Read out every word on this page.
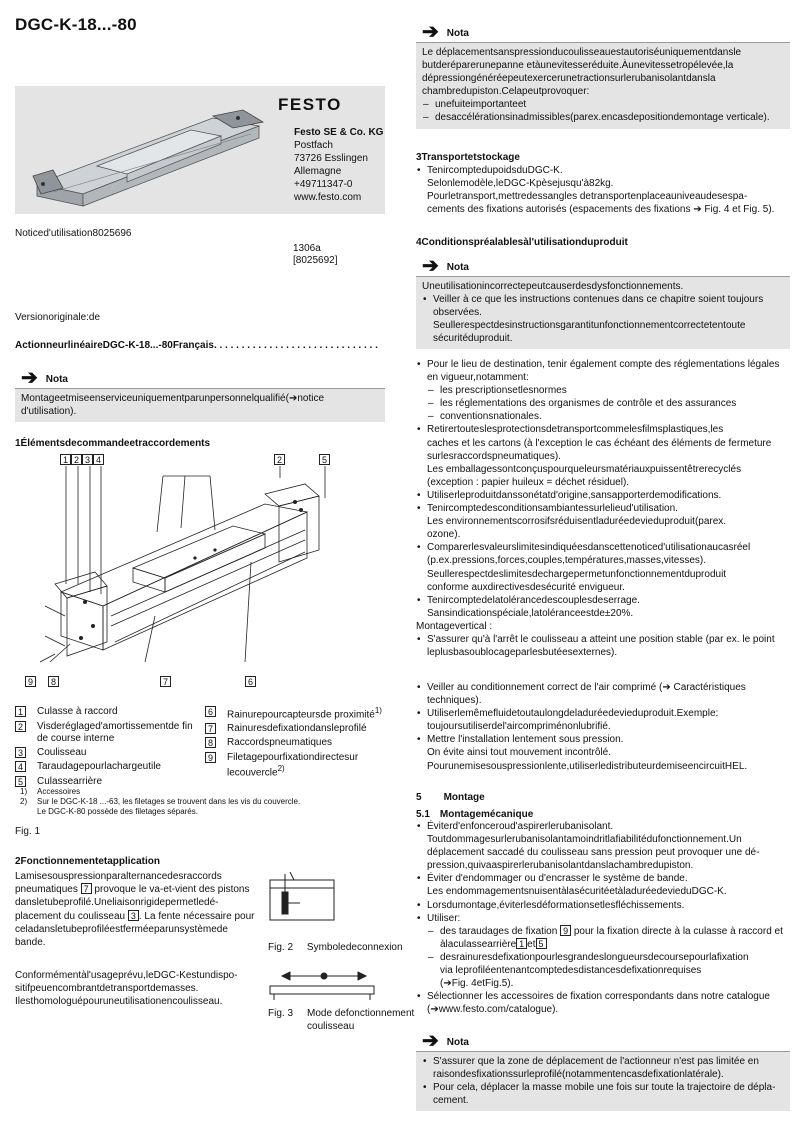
DGC-K-18...-80
FESTO
Festo SE & Co. KG
Postfach
73726 Esslingen
Allemagne
+49711347-0
www.festo.com
Noticed'utilisation8025696
1306a
[8025692]
Versionoriginale:de
ActionneurlinéaireDGC-K-18...-80Français. . . . . . . . . . . . . . . . . . . . . . . . . . . . . .
➔ Nota
Montageetmiseenserviceuniquementparunpersonnelqualifié(➔notice d'utilisation).
1Élémentsdecommandeetraccordements
1 2 3 4	2	5
9	8	7	6
1	Culasse à raccord
2	Visderéglaged'amortissementde fin de course interne
3	Coulisseau
4	Taraudagepourlachargeutile
5	Culassearrière
6	Rainurepourcapteursde proximité$^{1)}$
7	Rainuresdefixationdansleprofilé
8	Raccordspneumatiques
9	Filetagepourfixationdirectesur lecouvercle$^{2)}$
1)	Accessoires
2)	Sur le DGC-K-18 ...-63, les filetages se trouvent dans les vis du couvercle.
Le DGC-K-80 possède des filetages séparés.
Fig. 1
2Fonctionnementetapplication
Lamisesouspressionparalternancedesraccords
pneumatiques 7 provoque le va-et-vient des pistons
dansletubeprofilé.Uneliaisonrigidepermetledé-
placement du coulisseau 3 . La fente nécessaire pour
celadansletubeprofiléestferméeparunsystèmede
bande.
Conformémentàl'usageprévu,leDGC-Kestundispo-
sitifpeuencombrantdetransportdemasses.
Ilesthomologuépouruneutilisationencoulisseau.
Fig. 2 Symboledeconnexion
Fig. 3 Mode defonctionnement
coulisseau
➔ Nota
Le déplacementsanspressionducoulisseauestautoriséuniquementdansle
butderéparerunepanne etàunevitesseréduite.Àunevitessetropélevée,la
dépressiongénéréepeutexercerunetractionsurlerubanisolantdansla
chambredupiston.Celapeutprovoquer:
– unefuiteimportanteet
– desaccélérationsinadmissibles(parex.encasdepositiondemontage verticale).
3Transportetstockage
• TenircomptedupoidsduDGC-K.
Selonlemodèle,leDGC-Kpèsejusqu'à82kg.
Pourletransport,mettredessangles detransportenplaceauniveaudesespa-
cements des fixations autorisés (espacements des fixations ➔ Fig. 4 et Fig. 5).
4Conditionspréalablesàl'utilisationduproduit
➔ Nota
Uneutilisationincorrectepeutcauserdesdysfonctionnements.
• Veiller à ce que les instructions contenues dans ce chapitre soient toujours
observées.
Seullerespectdesinstructionsgarantitunfonctionnementcorrectetentoute
sécuritéduproduit.
• Pour le lieu de destination, tenir également compte des réglementations légales
en vigueur,notamment:
– les prescriptionsetlesnormes
– les réglementations des organismes de contrôle et des assurances
– conventionsnationales.
• Retirertouteslesprotectionsdetransportcommelesfilmsplastiques,les
caches et les cartons (à l'exception le cas échéant des éléments de fermeture
surlesraccordspneumatiques).
Les emballagessontconçuspourqueleursmatériauxpuissentêtrerecyclés
(exception : papier huileux = déchet résiduel).
• Utiliserleproduitdanssonétatd'origine,sansapporterdemodifications.
• Tenircomptedesconditionsambiantessurlelieud'utilisation.
Les environnementscorrosifsréduisentladuréedevieduproduit(parex.
ozone).
• Comparerlesvaleurslimitesindiquéesdanscettenoticed'utilisationaucasréel
(p.ex.pressions,forces,couples,températures,masses,vitesses).
Seullerespectdeslimitesdechargepermetunfonctionnementduproduit
conforme auxdirectivesdesécurité envigueur.
• Tenircomptedelatolérancedescouplesdeserrage.
Sansindicationspéciale,latoléranceestde±20%.
Montagevertical :
• S'assurer qu'à l'arrêt le coulisseau a atteint une position stable (par ex. le point
leplusbasoublocageparlesbutéesexternes).
• Veiller au conditionnement correct de l'air comprimé (➔ Caractéristiques
techniques).
• Utiliserlemêmefluidetoutaulongdeladuréedevieduproduit.Exemple:
toujoursutiliserdel'aircompriménonlubrifié.
• Mettre l'installation lentement sous pression.
On évite ainsi tout mouvement incontrôlé.
Pourunemisesouspressionlente,utiliserledistributeurdemiseencircuitHEL.
5 Montage
5.1 Montagemécanique
• Éviterd'enfonceroud'aspirerlerubanisolant.
Toutdommagesurlerubanisolantamoindritlafiabilitédufonctionnement.Un
déplacement saccadé du coulisseau sans pression peut provoquer une dé-
pression,quivaaspirerlerubanisolantdanslachambredupiston.
• Éviter d'endommager ou d'encrasser le système de bande.
Les endommagementsnuisentàlasécuritéetàladuréedevieduDGC-K.
• Lorsdumontage,éviterlesdéformationsetlesfléchissements.
• Utiliser:
– des taraudages de fixation 9 pour la fixation directe à la culasse à raccord et
àlaculassearrière 1 et 5
– desrainuresdefixationpourlesgrandeslongueursdecoursepourlafixation
via leprofiléentenantcomptedesdistancesdefixationrequises
(➔Fig. 4etFig.5).
• Sélectionner les accessoires de fixation correspondants dans notre catalogue
(➔www.festo.com/catalogue).
➔ Nota
• S'assurer que la zone de déplacement de l'actionneur n'est pas limitée en
raisondesfixationssurleprofilé(notammentencasdefixationlatérale).
• Pour cela, déplacer la masse mobile une fois sur toute la trajectoire de dépla-
cement.
